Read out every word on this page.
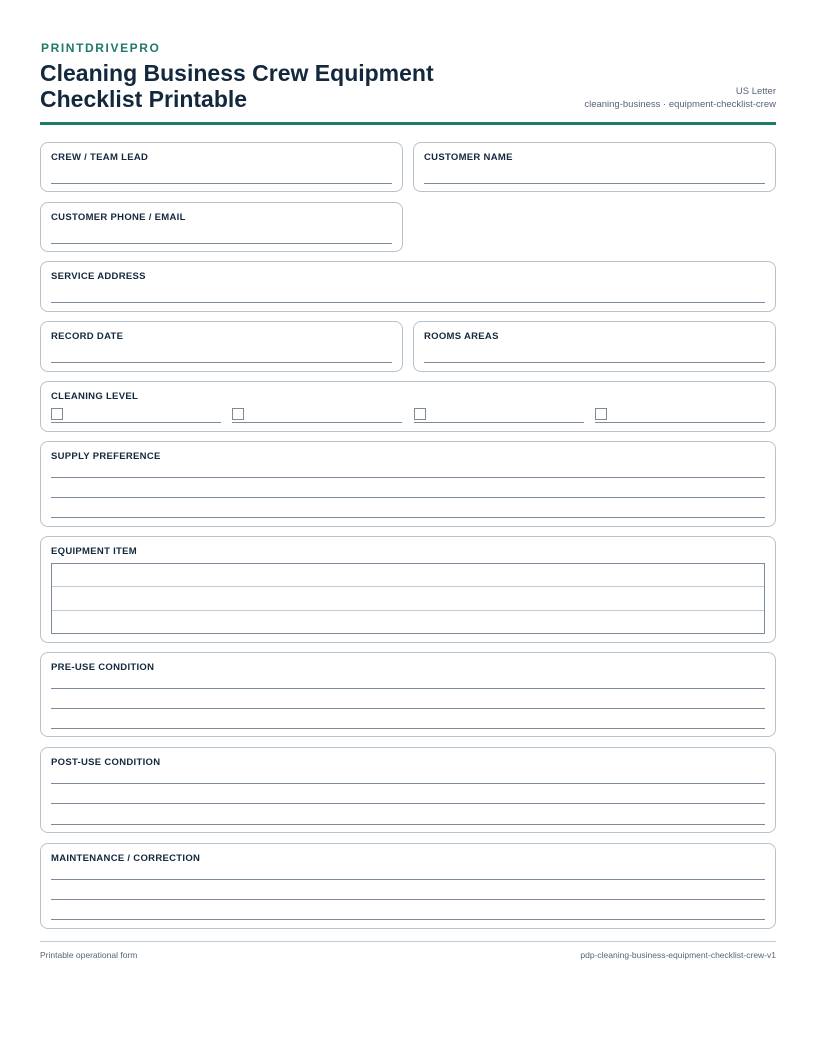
PRINTDRIVEPRO
Cleaning Business Crew Equipment Checklist Printable	US Letter
cleaning-business · equipment-checklist-crew
CREW / TEAM LEAD	CUSTOMER NAME
CUSTOMER PHONE / EMAIL
SERVICE ADDRESS
RECORD DATE	ROOMS AREAS
CLEANING LEVEL
SUPPLY PREFERENCE
EQUIPMENT ITEM
PRE-USE CONDITION
POST-USE CONDITION
MAINTENANCE / CORRECTION
Printable operational form	pdp-cleaning-business-equipment-checklist-crew-v1
